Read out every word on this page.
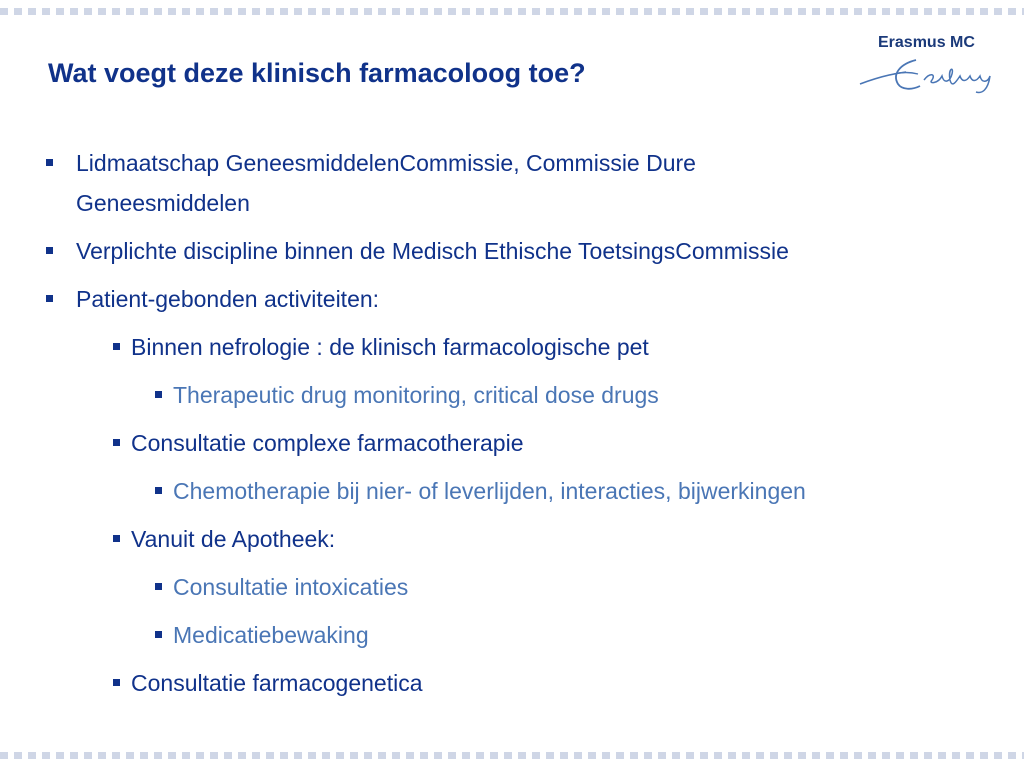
Wat voegt deze klinisch farmacoloog toe?
Erasmus MC
Lidmaatschap GeneesmiddelenCommissie, Commissie Dure
Geneesmiddelen
Verplichte discipline binnen de Medisch Ethische ToetsingsCommissie
Patient-gebonden activiteiten:
Binnen nefrologie : de klinisch farmacologische pet
Therapeutic drug monitoring, critical dose drugs
Consultatie complexe farmacotherapie
Chemotherapie bij nier- of leverlijden, interacties, bijwerkingen
Vanuit de Apotheek:
Consultatie intoxicaties
Medicatiebewaking
Consultatie farmacogenetica
